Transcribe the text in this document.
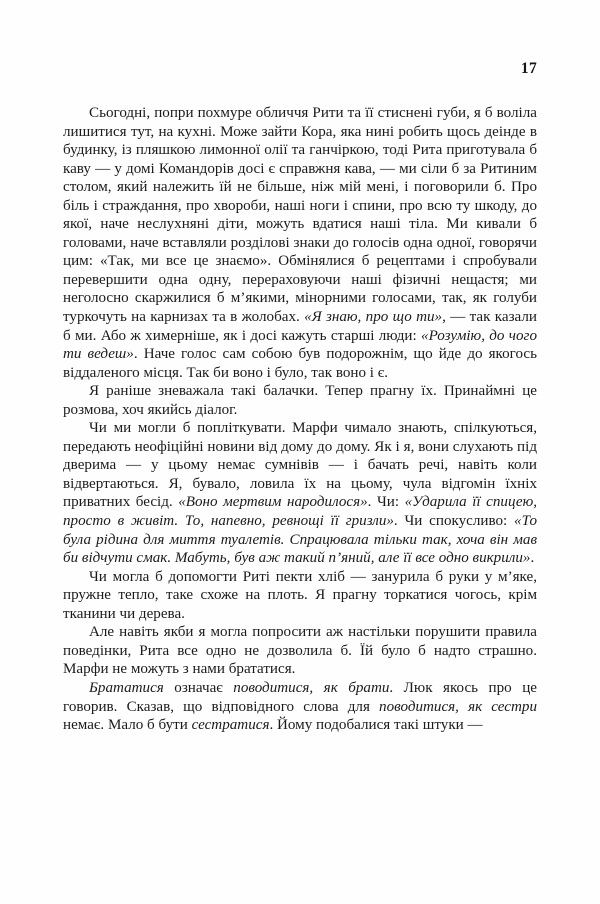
17

Сьогодні, попри похмуре обличчя Рити та її стиснені губи, я б воліла лишитися тут, на кухні. Може зайти Кора, яка нині робить щось деінде в будинку, із пляшкою лимонної олії та ганчіркою, тоді Рита приготувала б каву — у домі Командорів досі є справжня кава, — ми сіли б за Ритиним столом, який належить їй не більше, ніж мій мені, і поговорили б. Про біль і страждання, про хвороби, наші ноги і спини, про всю ту шкоду, до якої, наче неслухняні діти, можуть вдатися наші тіла. Ми кивали б головами, наче вставляли розділові знаки до голосів одна одної, говорячи цим: «Так, ми все це знаємо». Обмінялися б рецептами і спробували перевершити одна одну, перераховуючи наші фізичні нещастя; ми неголосно скаржилися б м’якими, мінорними голосами, так, як голуби туркочуть на карнизах та в жолобах. «Я знаю, про що ти», — так казали б ми. Або ж химерніше, як і досі кажуть старші люди: «Розумію, до чого ти ведеш». Наче голос сам собою був подорожнім, що йде до якогось віддаленого місця. Так би воно і було, так воно і є.

Я раніше зневажала такі балачки. Тепер прагну їх. Принаймні це розмова, хоч якийсь діалог.

Чи ми могли б попліткувати. Марфи чимало знають, спілкуються, передають неофіційні новини від дому до дому. Як і я, вони слухають під дверима — у цьому немає сумнівів — і бачать речі, навіть коли відвертаються. Я, бувало, ловила їх на цьому, чула відгомін їхніх приватних бесід. «Воно мертвим народилося». Чи: «Ударила її спицею, просто в живіт. То, напевно, ревнощі її гризли». Чи спокусливо: «То була рідина для миття туалетів. Спрацювала тільки так, хоча він мав би відчути смак. Мабуть, був аж такий п’яний, але її все одно викрили».

Чи могла б допомогти Риті пекти хліб — занурила б руки у м’яке, пружне тепло, таке схоже на плоть. Я прагну торкатися чогось, крім тканини чи дерева.

Але навіть якби я могла попросити аж настільки порушити правила поведінки, Рита все одно не дозволила б. Їй було б надто страшно. Марфи не можуть з нами брататися.

Брататися означає поводитися, як брати. Люк якось про це говорив. Сказав, що відповідного слова для поводитися, як сестри немає. Мало б бути сестратися. Йому подобалися такі штуки —
